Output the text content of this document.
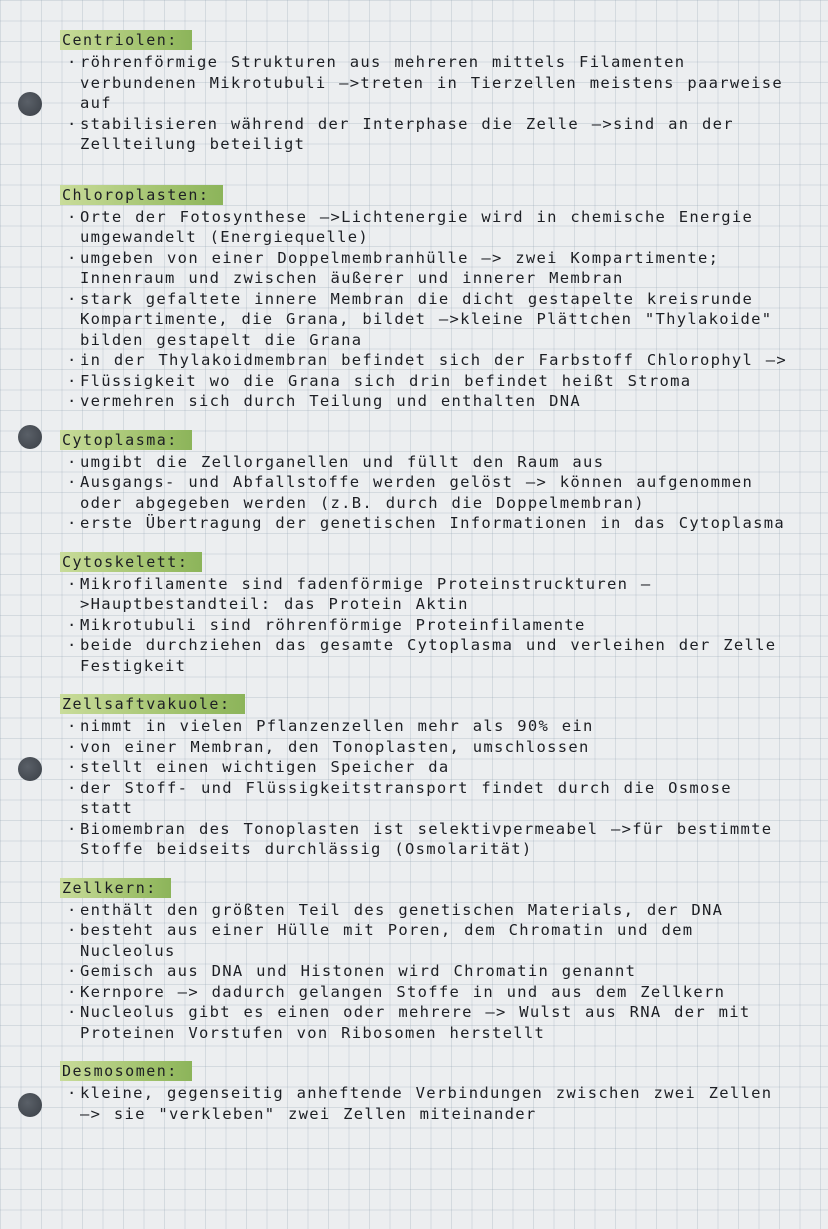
Centriolen:
· röhrenförmige Strukturen aus mehreren mittels Filamenten verbundenen Mikrotubuli —>treten in Tierzellen meistens paarweise auf
· stabilisieren während der Interphase die Zelle —>sind an der Zellteilung beteiligt
Chloroplasten:
· Orte der Fotosynthese —>Lichtenergie wird in chemische Energie umgewandelt (Energiequelle)
· umgeben von einer Doppelmembranhülle —> zwei Kompartimente; Innenraum und zwischen äußerer und innerer Membran
· stark gefaltete innere Membran die dicht gestapelte kreisrunde Kompartimente, die Grana, bildet —>kleine Plättchen "Thylakoide" bilden gestapelt die Grana
· in der Thylakoidmembran befindet sich der Farbstoff Chlorophyl —>
· Flüssigkeit wo die Grana sich drin befindet heißt Stroma
· vermehren sich durch Teilung und enthalten DNA
Cytoplasma:
· umgibt die Zellorganellen und füllt den Raum aus
· Ausgangs- und Abfallstoffe werden gelöst —> können aufgenommen oder abgegeben werden (z.B. durch die Doppelmembran)
· erste Übertragung der genetischen Informationen in das Cytoplasma
Cytoskelett:
· Mikrofilamente sind fadenförmige Proteinstruckturen —>Hauptbestandteil: das Protein Aktin
· Mikrotubuli sind röhrenförmige Proteinfilamente
· beide durchziehen das gesamte Cytoplasma und verleihen der Zelle Festigkeit
Zellsaftvakuole:
· nimmt in vielen Pflanzenzellen mehr als 90% ein
· von einer Membran, den Tonoplasten, umschlossen
· stellt einen wichtigen Speicher da
· der Stoff- und Flüssigkeitstransport findet durch die Osmose statt
· Biomembran des Tonoplasten ist selektivpermeabel —>für bestimmte Stoffe beidseits durchlässig (Osmolarität)
Zellkern:
· enthält den größten Teil des genetischen Materials, der DNA
· besteht aus einer Hülle mit Poren, dem Chromatin und dem Nucleolus
· Gemisch aus DNA und Histonen wird Chromatin genannt
· Kernpore —> dadurch gelangen Stoffe in und aus dem Zellkern
· Nucleolus gibt es einen oder mehrere —> Wulst aus RNA der mit Proteinen Vorstufen von Ribosomen herstellt
Desmosomen:
· kleine, gegenseitig anheftende Verbindungen zwischen zwei Zellen —> sie "verkleben" zwei Zellen miteinander
